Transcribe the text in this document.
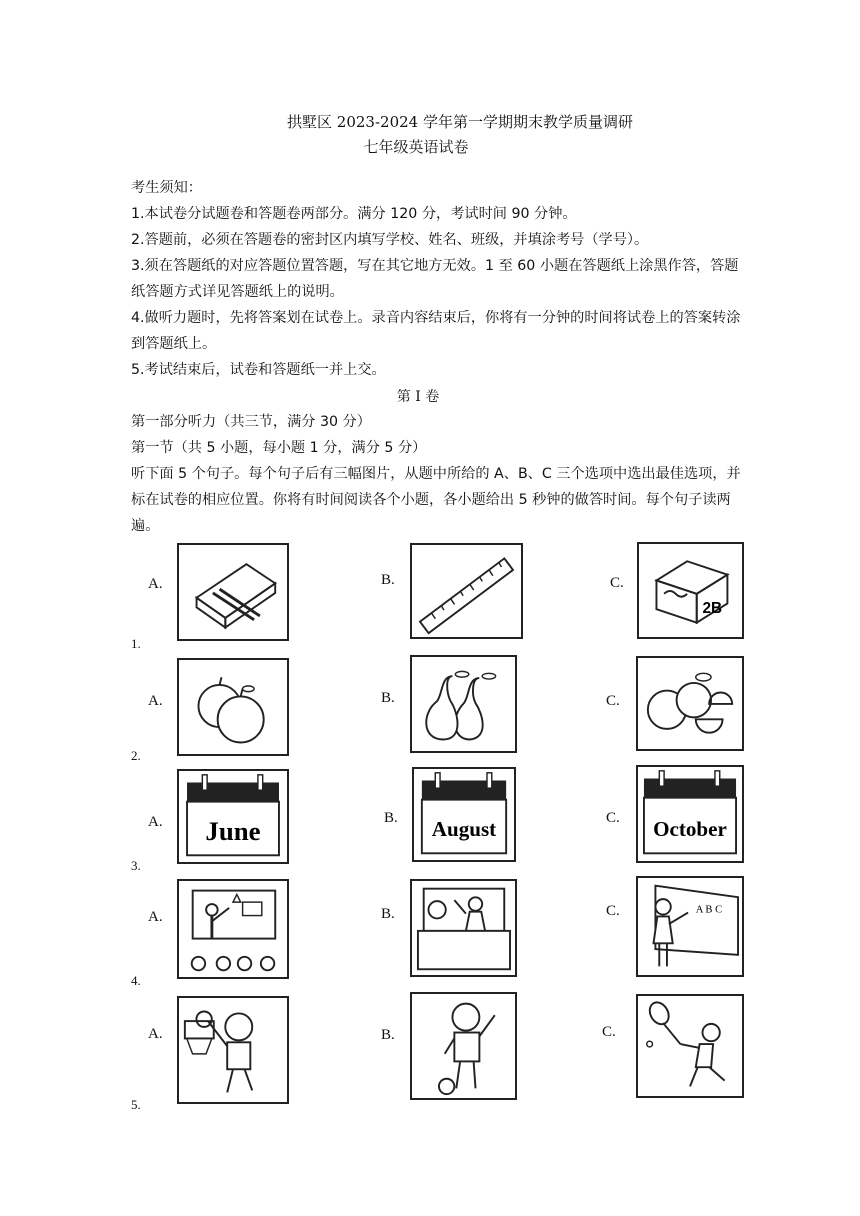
拱墅区 2023-2024 学年第一学期期末教学质量调研
七年级英语试卷
考生须知：
1.本试卷分试题卷和答题卷两部分。满分 120 分，考试时间 90 分钟。
2.答题前，必须在答题卷的密封区内填写学校、姓名、班级，并填涂考号（学号）。
3.须在答题纸的对应答题位置答题，写在其它地方无效。1 至 60 小题在答题纸上涂黑作答，答题纸答题方式详见答题纸上的说明。
4.做听力题时，先将答案划在试卷上。录音内容结束后，你将有一分钟的时间将试卷上的答案转涂到答题纸上。
5.考试结束后，试卷和答题纸一并上交。
第 I 卷
第一部分听力（共三节，满分 30 分）
第一节（共 5 小题，每小题 1 分，满分 5 分）
听下面 5 个句子。每个句子后有三幅图片，从题中所给的 A、B、C 三个选项中选出最佳选项，并标在试卷的相应位置。你将有时间阅读各个小题，各小题给出 5 秒钟的做答时间。每个句子读两遍。
A.	B.	C.
2B
1.
A.	B.	C.
2.
A. June	B. August	C. October
3.
A.	B.	C.	A B C
4.
A.	B.	C.
5.
